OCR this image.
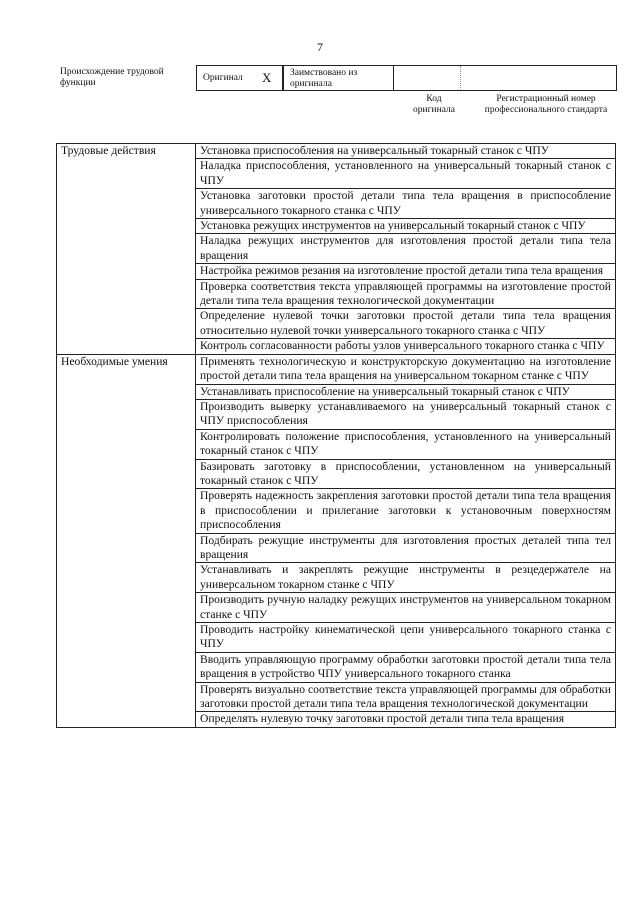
7
Происхождение трудовой функции	Оригинал X Заимствовано из оригинала
Код оригинала
Регистрационный номер профессионального стандарта
Трудовые действия	Установка приспособления на универсальный токарный станок с ЧПУ
	Наладка приспособления, установленного на универсальный токарный станок с ЧПУ
	Установка заготовки простой детали типа тела вращения в приспособление универсального токарного станка с ЧПУ
	Установка режущих инструментов на универсальный токарный станок с ЧПУ
	Наладка режущих инструментов для изготовления простой детали типа тела вращения
	Настройка режимов резания на изготовление простой детали типа тела вращения
	Проверка соответствия текста управляющей программы на изготовление простой детали типа тела вращения технологической документации
	Определение нулевой точки заготовки простой детали типа тела вращения относительно нулевой точки универсального токарного станка с ЧПУ
	Контроль согласованности работы узлов универсального токарного станка с ЧПУ
Необходимые умения	Применять технологическую и конструкторскую документацию на изготовление простой детали типа тела вращения на универсальном токарном станке с ЧПУ
	Устанавливать приспособление на универсальный токарный станок с ЧПУ
	Производить выверку устанавливаемого на универсальный токарный станок с ЧПУ приспособления
	Контролировать положение приспособления, установленного на универсальный токарный станок с ЧПУ
	Базировать заготовку в приспособлении, установленном на универсальный токарный станок с ЧПУ
	Проверять надежность закрепления заготовки простой детали типа тела вращения в приспособлении и прилегание заготовки к установочным поверхностям приспособления
	Подбирать режущие инструменты для изготовления простых деталей типа тел вращения
	Устанавливать и закреплять режущие инструменты в резцедержателе на универсальном токарном станке с ЧПУ
	Производить ручную наладку режущих инструментов на универсальном токарном станке с ЧПУ
	Проводить настройку кинематической цепи универсального токарного станка с ЧПУ
	Вводить управляющую программу обработки заготовки простой детали типа тела вращения в устройство ЧПУ универсального токарного станка
	Проверять визуально соответствие текста управляющей программы для обработки заготовки простой детали типа тела вращения технологической документации
	Определять нулевую точку заготовки простой детали типа тела вращения
